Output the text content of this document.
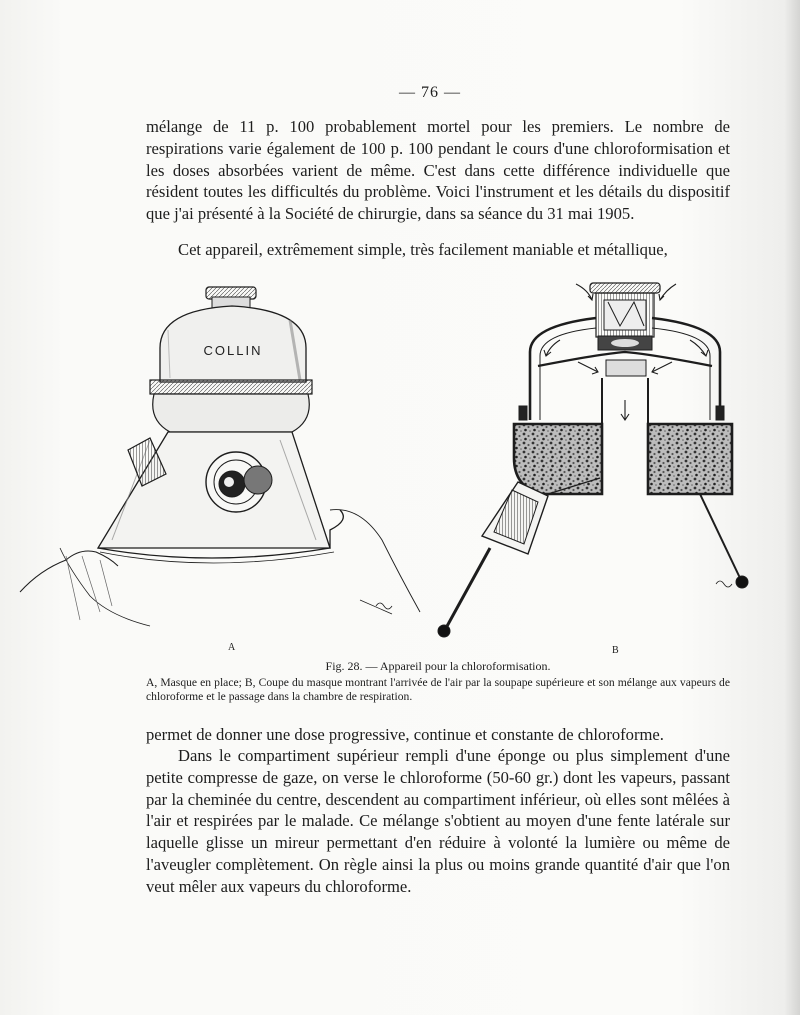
— 76 —

mélange de 11 p. 100 probablement mortel pour les premiers. Le nombre de respirations varie également de 100 p. 100 pendant le cours d'une chloroformisation et les doses absorbées varient de même. C'est dans cette différence individuelle que résident toutes les difficultés du problème. Voici l'instrument et les détails du dispositif que j'ai présenté à la Société de chirurgie, dans sa séance du 31 mai 1905.

Cet appareil, extrêmement simple, très facilement maniable et métallique,

COLLIN
A	B
Fig. 28. — Appareil pour la chloroformisation.
A, Masque en place; B, Coupe du masque montrant l'arrivée de l'air par la soupape supérieure et son mélange aux vapeurs de chloroforme et le passage dans la chambre de respiration.

permet de donner une dose progressive, continue et constante de chloroforme.

Dans le compartiment supérieur rempli d'une éponge ou plus simplement d'une petite compresse de gaze, on verse le chloroforme (50-60 gr.) dont les vapeurs, passant par la cheminée du centre, descendent au compartiment inférieur, où elles sont mêlées à l'air et respirées par le malade. Ce mélange s'obtient au moyen d'une fente latérale sur laquelle glisse un mireur permettant d'en réduire à volonté la lumière ou même de l'aveugler complètement. On règle ainsi la plus ou moins grande quantité d'air que l'on veut mêler aux vapeurs du chloroforme.
